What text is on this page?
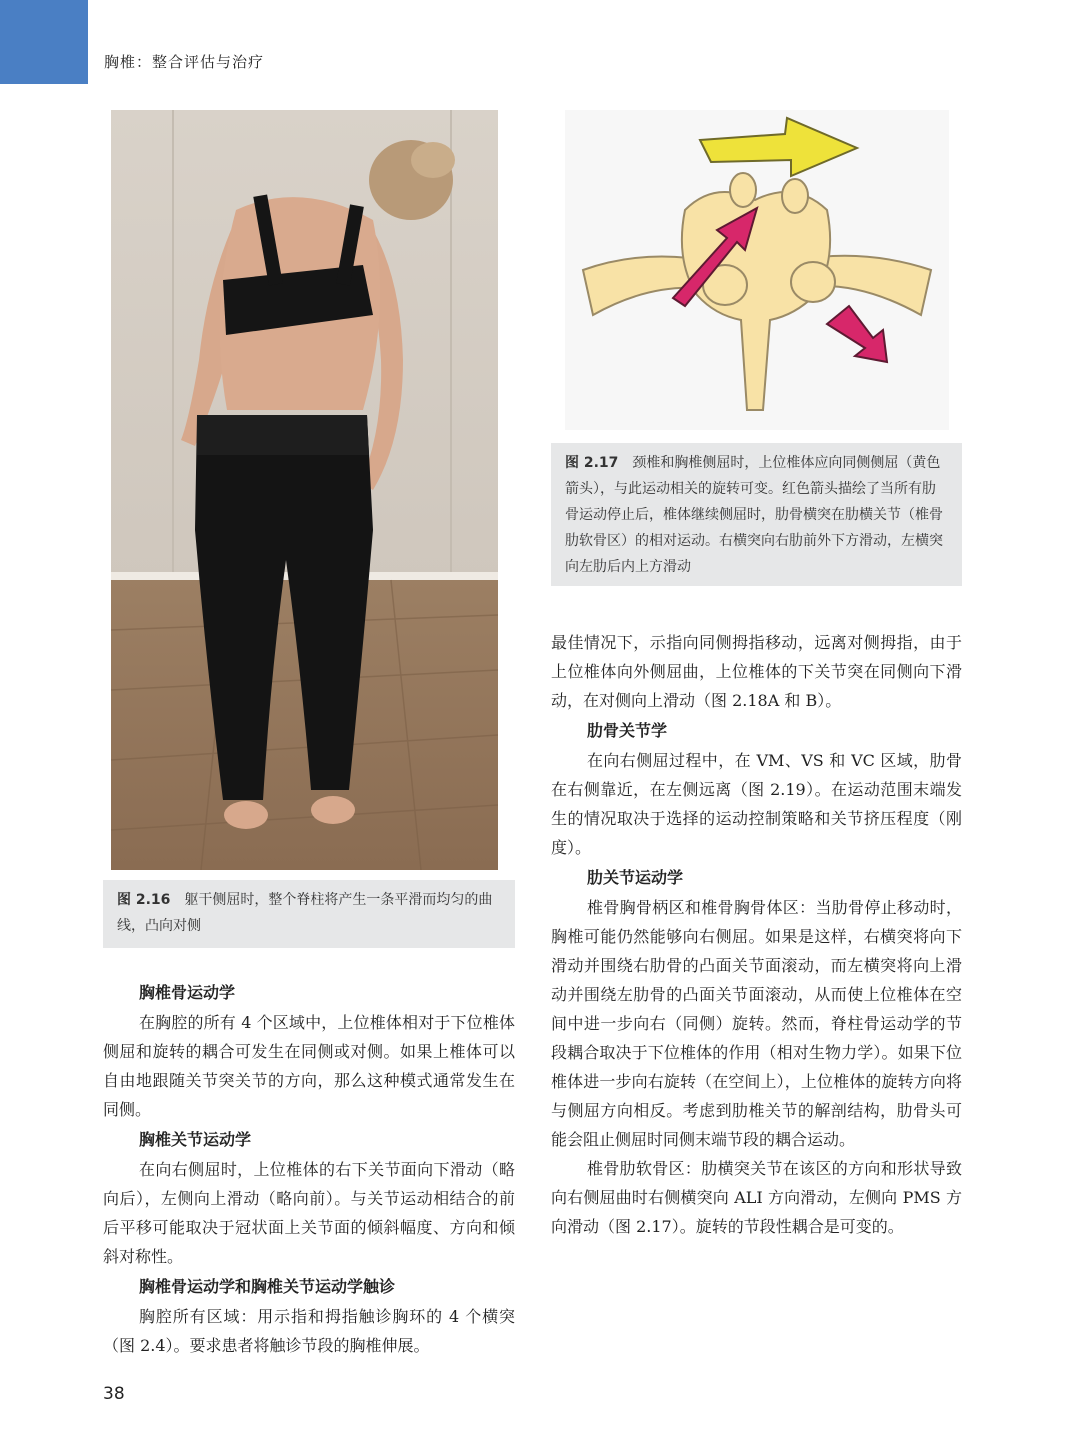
胸椎：整合评估与治疗
图 2.16 躯干侧屈时，整个脊柱将产生一条平滑而均匀的曲线，凸向对侧
图 2.17 颈椎和胸椎侧屈时，上位椎体应向同侧侧屈（黄色箭头），与此运动相关的旋转可变。红色箭头描绘了当所有肋骨运动停止后，椎体继续侧屈时，肋骨横突在肋横关节（椎骨肋软骨区）的相对运动。右横突向右肋前外下方滑动，左横突向左肋后内上方滑动
胸椎骨运动学

在胸腔的所有 4 个区域中，上位椎体相对于下位椎体侧屈和旋转的耦合可发生在同侧或对侧。如果上椎体可以自由地跟随关节突关节的方向，那么这种模式通常发生在同侧。

胸椎关节运动学

在向右侧屈时，上位椎体的右下关节面向下滑动（略向后），左侧向上滑动（略向前）。与关节运动相结合的前后平移可能取决于冠状面上关节面的倾斜幅度、方向和倾斜对称性。

胸椎骨运动学和胸椎关节运动学触诊

胸腔所有区域：用示指和拇指触诊胸环的 4 个横突（图 2.4）。要求患者将触诊节段的胸椎伸展。

最佳情况下，示指向同侧拇指移动，远离对侧拇指，由于上位椎体向外侧屈曲，上位椎体的下关节突在同侧向下滑动，在对侧向上滑动（图 2.18A 和 B）。

肋骨关节学

在向右侧屈过程中，在 VM、VS 和 VC 区域，肋骨在右侧靠近，在左侧远离（图 2.19）。在运动范围末端发生的情况取决于选择的运动控制策略和关节挤压程度（刚度）。

肋关节运动学

椎骨胸骨柄区和椎骨胸骨体区：当肋骨停止移动时，胸椎可能仍然能够向右侧屈。如果是这样，右横突将向下滑动并围绕右肋骨的凸面关节面滚动，而左横突将向上滑动并围绕左肋骨的凸面关节面滚动，从而使上位椎体在空间中进一步向右（同侧）旋转。然而，脊柱骨运动学的节段耦合取决于下位椎体的作用（相对生物力学）。如果下位椎体进一步向右旋转（在空间上），上位椎体的旋转方向将与侧屈方向相反。考虑到肋椎关节的解剖结构，肋骨头可能会阻止侧屈时同侧末端节段的耦合运动。

椎骨肋软骨区：肋横突关节在该区的方向和形状导致向右侧屈曲时右侧横突向 ALI 方向滑动，左侧向 PMS 方向滑动（图 2.17）。旋转的节段性耦合是可变的。

38
